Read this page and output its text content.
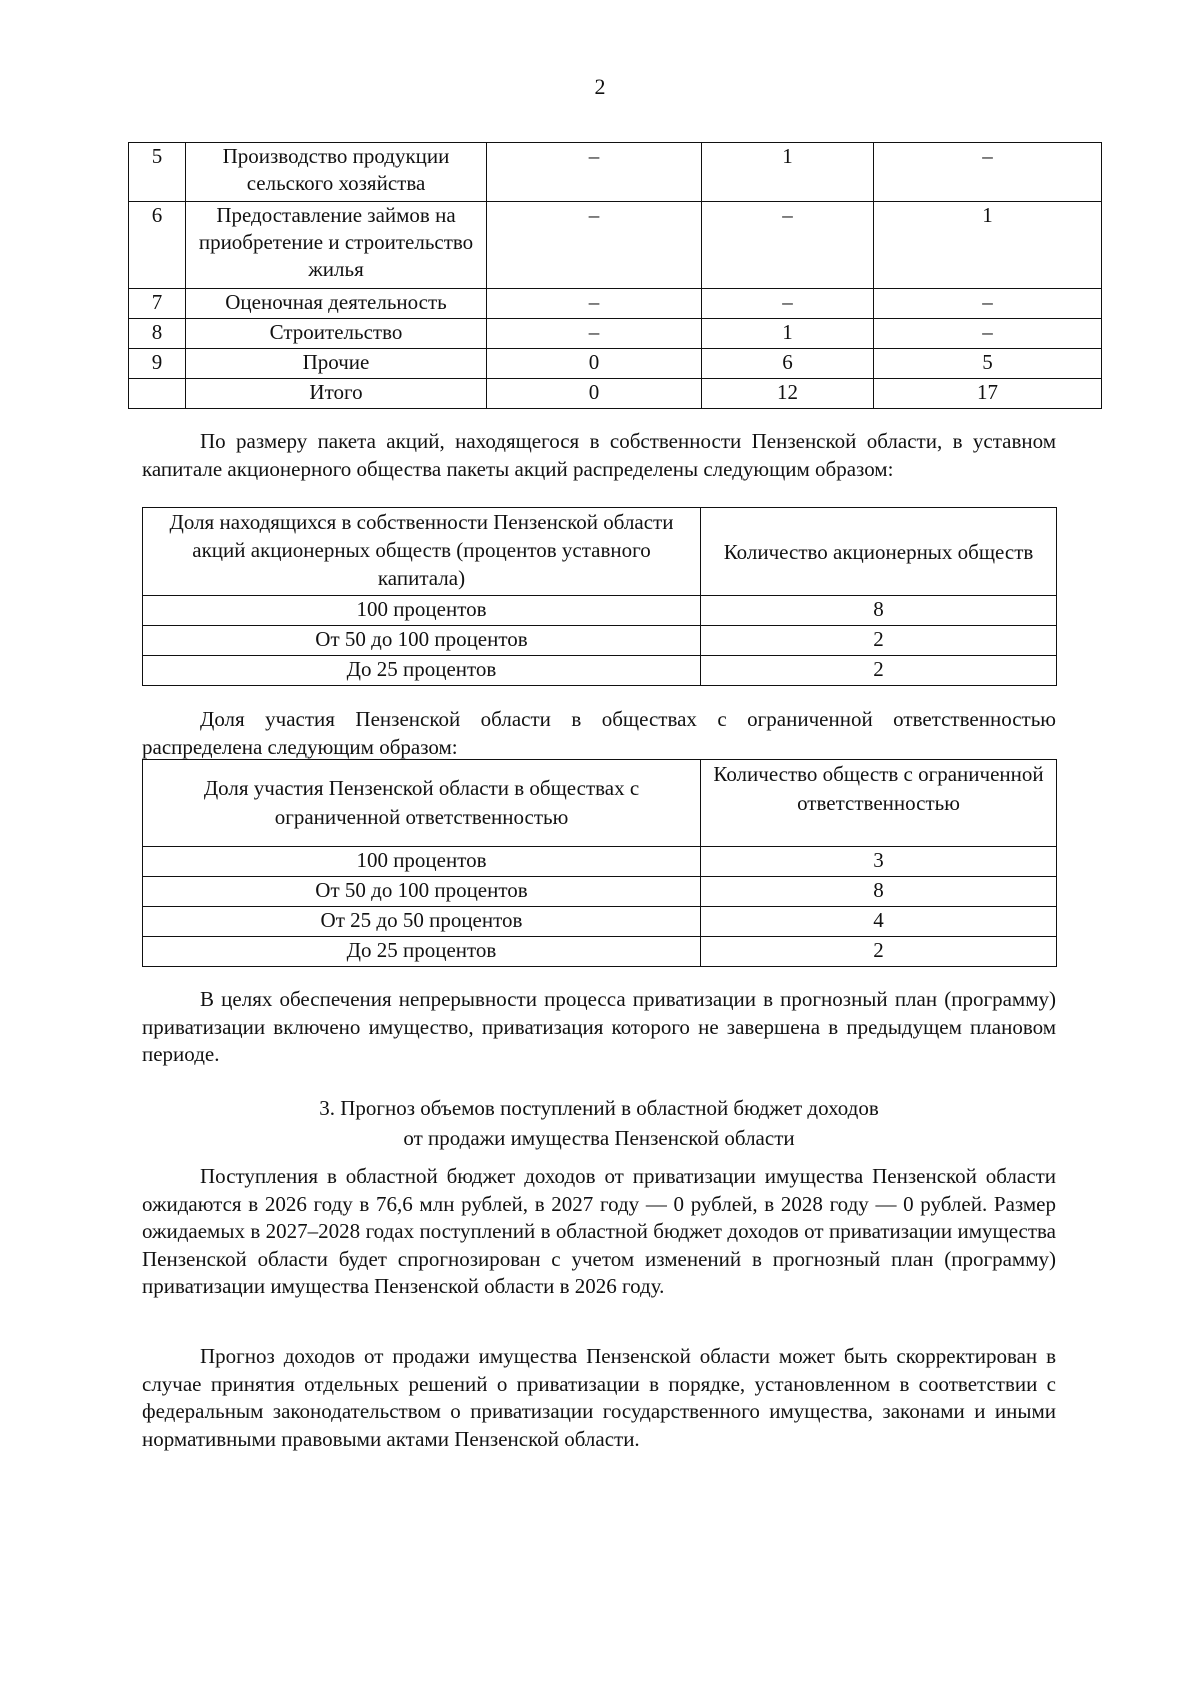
2
5	Производство продукции сельского хозяйства	–	1	–
6	Предоставление займов на приобретение и строительство жилья	–	–	1
7	Оценочная деятельность	–	–	–
8	Строительство	–	1	–
9	Прочие	0	6	5
	Итого	0	12	17

По размеру пакета акций, находящегося в собственности Пензенской области, в уставном капитале акционерного общества пакеты акций распределены следующим образом:

Доля находящихся в собственности Пензенской области акций акционерных обществ (процентов уставного капитала)	Количество акционерных обществ
100 процентов	8
От 50 до 100 процентов	2
До 25 процентов	2

Доля участия Пензенской области в обществах с ограниченной ответственностью распределена следующим образом:

Доля участия Пензенской области в обществах с ограниченной ответственностью	Количество обществ с ограниченной ответственностью
100 процентов	3
От 50 до 100 процентов	8
От 25 до 50 процентов	4
До 25 процентов	2

В целях обеспечения непрерывности процесса приватизации в прогнозный план (программу) приватизации включено имущество, приватизация которого не завершена в предыдущем плановом периоде.

3. Прогноз объемов поступлений в областной бюджет доходов
от продажи имущества Пензенской области

Поступления в областной бюджет доходов от приватизации имущества Пензенской области ожидаются в 2026 году в 76,6 млн рублей, в 2027 году — 0 рублей, в 2028 году — 0 рублей. Размер ожидаемых в 2027–2028 годах поступлений в областной бюджет доходов от приватизации имущества Пензенской области будет спрогнозирован с учетом изменений в прогнозный план (программу) приватизации имущества Пензенской области в 2026 году.

Прогноз доходов от продажи имущества Пензенской области может быть скорректирован в случае принятия отдельных решений о приватизации в порядке, установленном в соответствии с федеральным законодательством о приватизации государственного имущества, законами и иными нормативными правовыми актами Пензенской области.
